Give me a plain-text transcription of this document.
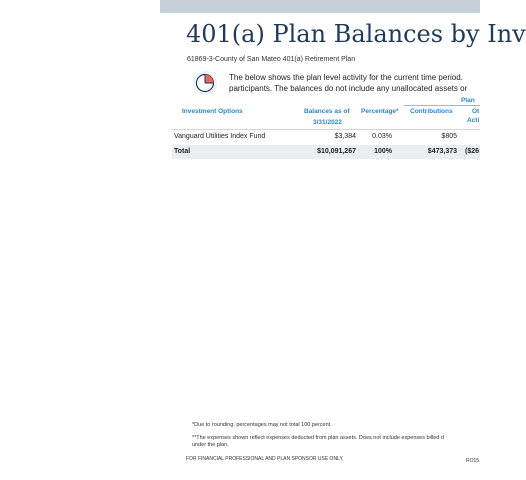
401(a) Plan Balances by Inv
61869-3-County of San Mateo 401(a) Retirement Plan
The below shows the plan level activity for the current time period.
participants. The balances do not include any unallocated assets or
Plan
Investment Options	Balances as of
3/31/2022
Percentage* Contributions	Ot
Acti
Vanguard Utilities Index Fund	$3,384 0.03%	$805
Total	$10,091,267	100%	$473,373 ($26
*Due to rounding, percentages may not total 100 percent.
**The expenses shown reflect expenses deducted from plan assets. Does not include expenses billed d
under the plan.
FOR FINANCIAL PROFESSIONAL AND PLAN SPONSOR USE ONLY.	RO15
